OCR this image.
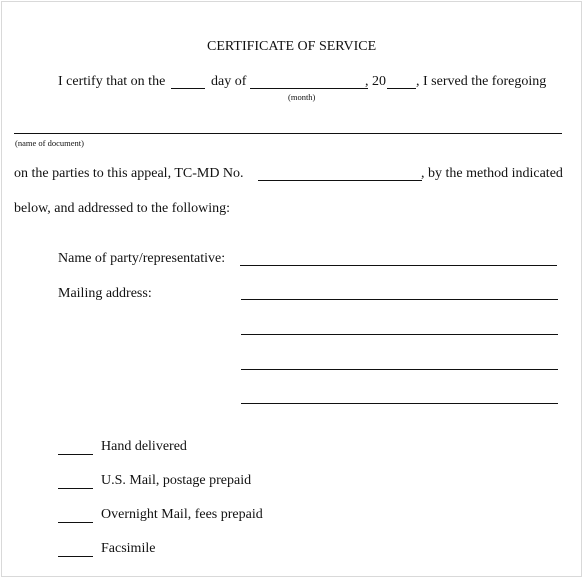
CERTIFICATE OF SERVICE
I certify that on the	day of
(month)
, 20 , I served the foregoing
(name of document)
on the parties to this appeal, TC-MD No.	, by the method indicated
below, and addressed to the following:
Name of party/representative:
Mailing address:
Hand delivered
U.S. Mail, postage prepaid
Overnight Mail, fees prepaid
Facsimile
